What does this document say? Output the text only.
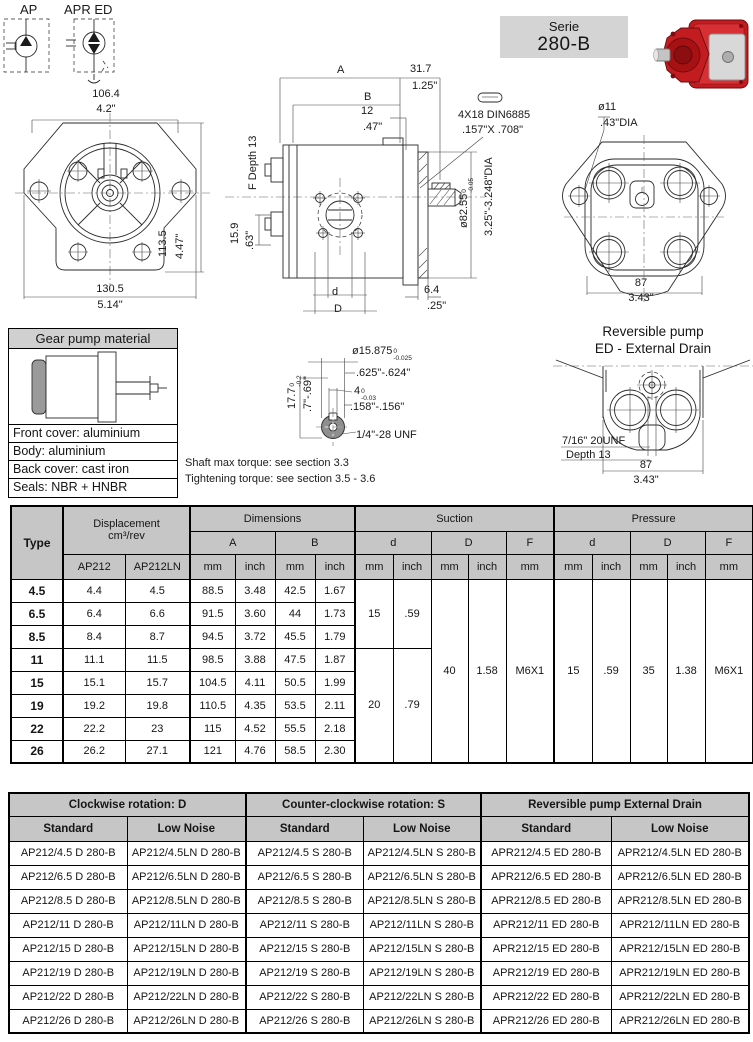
AP APR ED
Serie
280-B
106.4
4.2"
113.5 4.47"
130.5
5.14"
A	31.7
1.25"
B
12
.47"
4X18 DIN6885
.157"X .708"
F Depth 13
15.9 .63"
d
D
6.4
.25"
ø82.55
0 -0.05 3.25"-3.248"DIA
ø11
.43"DIA
87
3.43"
Gear pump material
Front cover: aluminium
Body: aluminium
Back cover: cast iron
Seals: NBR + HNBR
ø15.875 0
-0.025
.625"-.624"
4 0
-0.03
.158"-.156"
17.7
0 -0.2 .7"-.69"
1/4"-28 UNF
Shaft max torque: see section 3.3
Tightening torque: see section 3.5 - 3.6
Reversible pump
ED - External Drain
7/16" 20UNF
Depth 13
87
3.43"
Type	Displacement
cm³/rev		Dimensions				Suction					Pressure				
			A		B		d		D		F	d		D		F
	AP212	AP212LN	mm	inch	mm	inch	mm	inch	mm	inch	mm	mm	inch	mm	inch	mm
4.5	4.4	4.5	88.5	3.48	42.5	1.67	15	.59	40	1.58	M6X1	15	.59	35	1.38	M6X1
6.5	6.4	6.6	91.5	3.60	44	1.73										
8.5	8.4	8.7	94.5	3.72	45.5	1.79										
11	11.1	11.5	98.5	3.88	47.5	1.87	20	.79								
15	15.1	15.7	104.5	4.11	50.5	1.99										
19	19.2	19.8	110.5	4.35	53.5	2.11										
22	22.2	23	115	4.52	55.5	2.18										
26	26.2	27.1	121	4.76	58.5	2.30										
Clockwise rotation: D		Counter-clockwise rotation: S		Reversible pump External Drain	
Standard	Low Noise	Standard	Low Noise	Standard	Low Noise
AP212/4.5 D 280-B	AP212/4.5LN D 280-B	AP212/4.5 S 280-B	AP212/4.5LN S 280-B	APR212/4.5 ED 280-B	APR212/4.5LN ED 280-B
AP212/6.5 D 280-B	AP212/6.5LN D 280-B	AP212/6.5 S 280-B	AP212/6.5LN S 280-B	APR212/6.5 ED 280-B	APR212/6.5LN ED 280-B
AP212/8.5 D 280-B	AP212/8.5LN D 280-B	AP212/8.5 S 280-B	AP212/8.5LN S 280-B	APR212/8.5 ED 280-B	APR212/8.5LN ED 280-B
AP212/11 D 280-B	AP212/11LN D 280-B	AP212/11 S 280-B	AP212/11LN S 280-B	APR212/11 ED 280-B	APR212/11LN ED 280-B
AP212/15 D 280-B	AP212/15LN D 280-B	AP212/15 S 280-B	AP212/15LN S 280-B	APR212/15 ED 280-B	APR212/15LN ED 280-B
AP212/19 D 280-B	AP212/19LN D 280-B	AP212/19 S 280-B	AP212/19LN S 280-B	APR212/19 ED 280-B	APR212/19LN ED 280-B
AP212/22 D 280-B	AP212/22LN D 280-B	AP212/22 S 280-B	AP212/22LN S 280-B	APR212/22 ED 280-B	APR212/22LN ED 280-B
AP212/26 D 280-B	AP212/26LN D 280-B	AP212/26 S 280-B	AP212/26LN S 280-B	APR212/26 ED 280-B	APR212/26LN ED 280-B
